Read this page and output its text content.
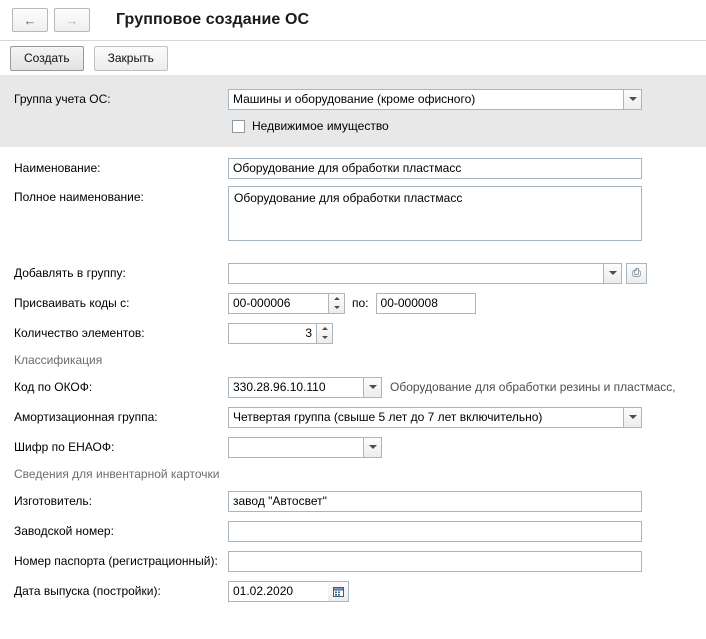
← → Групповое создание ОС
Создать	Закрыть
Группа учета ОС:	Машины и оборудование (кроме офисного)
Недвижимое имущество
Наименование:	Оборудование для обработки пластмасс
Полное наименование:	Оборудование для обработки пластмасс
Добавлять в группу:	⎙
Присваивать коды с:	00-000006	по:	00-000008
Количество элементов:	3
Классификация
Код по ОКОФ:	330.28.96.10.110	Оборудование для обработки резины и пластмасс,
Амортизационная группа:	Четвертая группа (свыше 5 лет до 7 лет включительно)
Шифр по ЕНАОФ:
Сведения для инвентарной карточки
Изготовитель:	завод "Автосвет"
Заводской номер:
Номер паспорта (регистрационный):
Дата выпуска (постройки):	01.02.2020
